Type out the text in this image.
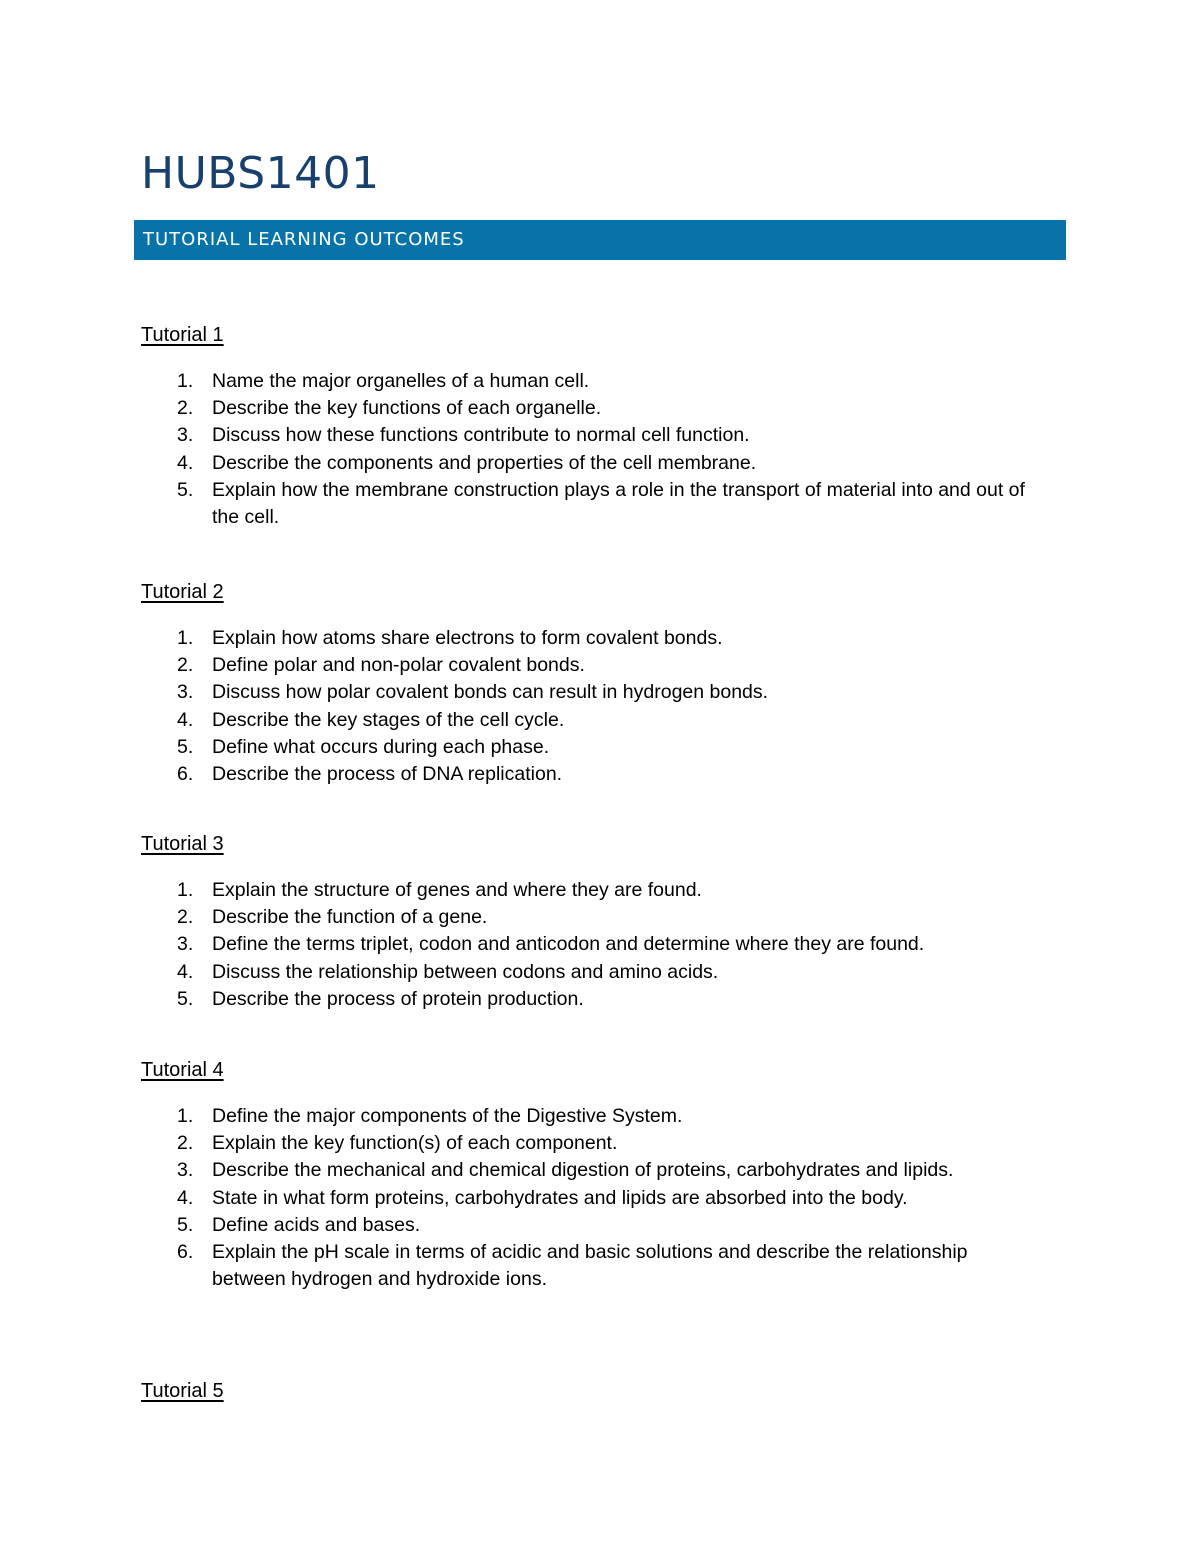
HUBS1401
TUTORIAL LEARNING OUTCOMES
Tutorial 1
1. Name the major organelles of a human cell.
2. Describe the key functions of each organelle.
3. Discuss how these functions contribute to normal cell function.
4. Describe the components and properties of the cell membrane.
5. Explain how the membrane construction plays a role in the transport of material into and out of the cell.
Tutorial 2
1. Explain how atoms share electrons to form covalent bonds.
2. Define polar and non-polar covalent bonds.
3. Discuss how polar covalent bonds can result in hydrogen bonds.
4. Describe the key stages of the cell cycle.
5. Define what occurs during each phase.
6. Describe the process of DNA replication.
Tutorial 3
1. Explain the structure of genes and where they are found.
2. Describe the function of a gene.
3. Define the terms triplet, codon and anticodon and determine where they are found.
4. Discuss the relationship between codons and amino acids.
5. Describe the process of protein production.
Tutorial 4
1. Define the major components of the Digestive System.
2. Explain the key function(s) of each component.
3. Describe the mechanical and chemical digestion of proteins, carbohydrates and lipids.
4. State in what form proteins, carbohydrates and lipids are absorbed into the body.
5. Define acids and bases.
6. Explain the pH scale in terms of acidic and basic solutions and describe the relationship between hydrogen and hydroxide ions.
Tutorial 5
